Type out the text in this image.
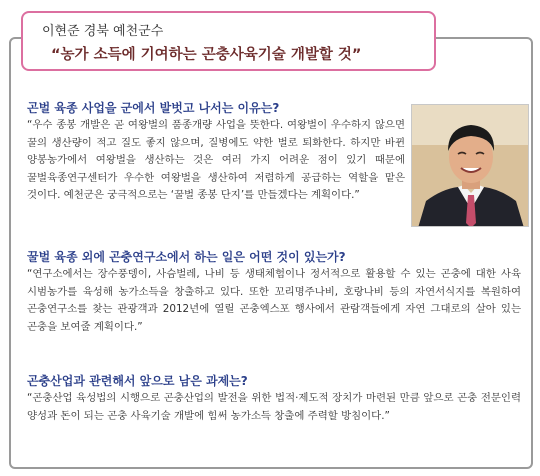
이현준 경북 예천군수
“농가 소득에 기여하는 곤충사육기술 개발할 것”
곤벌 육종 사업을 군에서 발벗고 나서는 이유는?

“우수 종봉 개발은 곧 여왕벌의 품종개량 사업을 뜻한다. 여왕벌이 우수하지 않으면 꿀의 생산량이 적고 질도 좋지 않으며, 질병에도 약한 벌로 퇴화한다. 하지만 바뀐 양봉농가에서 여왕벌을 생산하는 것은 여러 가지 어려운 점이 있기 때문에 꿀벌육종연구센터가 우수한 여왕벌을 생산하여 저렴하게 공급하는 역할을 맡은 것이다. 예천군은 궁극적으로는 ‘꿀벌 종봉 단지’를 만들겠다는 계획이다.”

꿀벌 육종 외에 곤충연구소에서 하는 일은 어떤 것이 있는가?

“연구소에서는 장수풍뎅이, 사슴벌레, 나비 등 생태체험이나 정서적으로 활용할 수 있는 곤충에 대한 사육 시범농가를 육성해 농가소득을 창출하고 있다. 또한 꼬리명주나비, 호랑나비 등의 자연서식지를 복원하여 곤충연구소를 찾는 관광객과 2012년에 열릴 곤충엑스포 행사에서 관람객들에게 자연 그대로의 살아 있는 곤충을 보여줄 계획이다.”

곤충산업과 관련해서 앞으로 남은 과제는?

“곤충산업 육성법의 시행으로 곤충산업의 발전을 위한 법적·제도적 장치가 마련된 만큼 앞으로 곤충 전문인력 양성과 돈이 되는 곤충 사육기술 개발에 힘써 농가소득 창출에 주력할 방침이다.”
